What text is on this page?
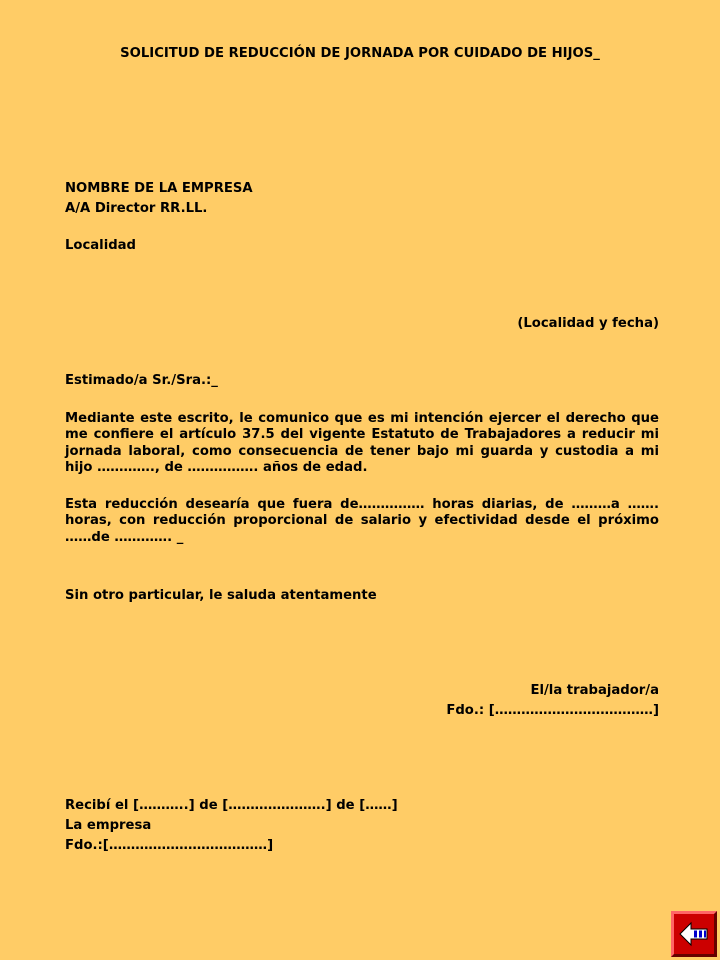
SOLICITUD DE REDUCCIÓN DE JORNADA POR CUIDADO DE HIJOS_
NOMBRE DE LA EMPRESA
A/A Director RR.LL.
Localidad
(Localidad y fecha)
Estimado/a Sr./Sra.:_
Mediante este escrito, le comunico que es mi intención ejercer el derecho que me confiere el artículo 37.5 del vigente Estatuto de Trabajadores a reducir mi jornada laboral, como consecuencia de tener bajo mi guarda y custodia a mi hijo …………., de ……………. años de edad.
Esta reducción desearía que fuera de…………… horas diarias, de ………a ……. horas, con reducción proporcional de salario y efectividad desde el próximo ……de …………. _
Sin otro particular, le saluda atentamente
El/la trabajador/a
Fdo.: [………………………………]
Recibí el [………..] de [………………….] de [……]
La empresa
Fdo.:[………………………………]
